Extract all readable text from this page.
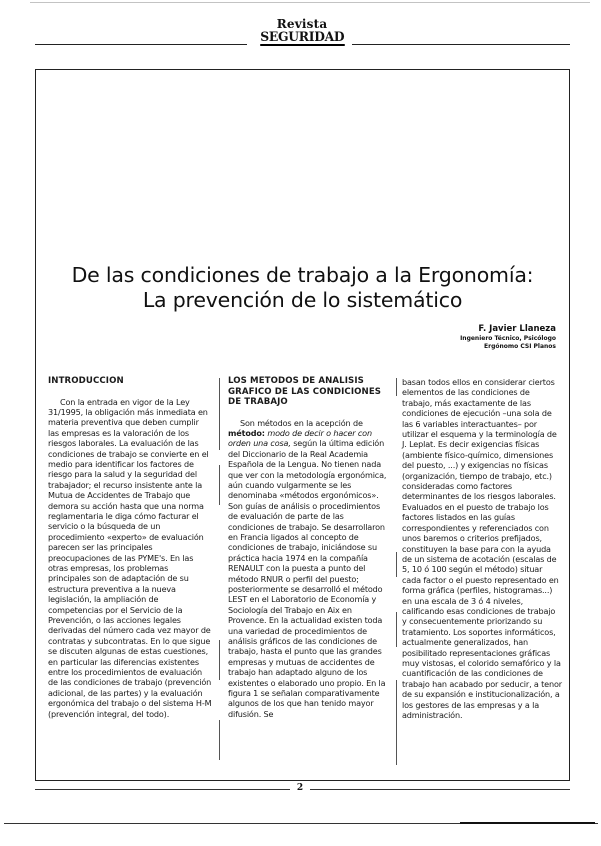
Revista
SEGURIDAD
De las condiciones de trabajo a la Ergonomía:
La prevención de lo sistemático
F. Javier Llaneza
Ingeniero Técnico, Psicólogo
Ergónomo CSI Planos
INTRODUCCION

Con la entrada en vigor de la Ley 31/1995, la obligación más inmediata en materia preventiva que deben cumplir las empresas es la valoración de los riesgos laborales. La evaluación de las condiciones de trabajo se convierte en el medio para identificar los factores de riesgo para la salud y la seguridad del trabajador; el recurso insistente ante la Mutua de Accidentes de Trabajo que demora su acción hasta que una norma reglamentaria le diga cómo facturar el servicio o la búsqueda de un procedimiento «experto» de evaluación parecen ser las principales preocupaciones de las PYME's. En las otras empresas, los problemas principales son de adaptación de su estructura preventiva a la nueva legislación, la ampliación de competencias por el Servicio de la Prevención, o las acciones legales derivadas del número cada vez mayor de contratas y subcontratas. En lo que sigue se discuten algunas de estas cuestiones, en particular las diferencias existentes entre los procedimientos de evaluación de las condiciones de trabajo (prevención adicional, de las partes) y la evaluación ergonómica del trabajo o del sistema H-M (prevención integral, del todo).

LOS METODOS DE ANALISIS GRAFICO DE LAS CONDICIONES DE TRABAJO

Son métodos en la acepción de método: modo de decir o hacer con orden una cosa, según la última edición del Diccionario de la Real Academia Española de la Lengua. No tienen nada que ver con la metodología ergonómica, aún cuando vulgarmente se les denominaba «métodos ergonómicos». Son guías de análisis o procedimientos de evaluación de parte de las condiciones de trabajo. Se desarrollaron en Francia ligados al concepto de condiciones de trabajo, iniciándose su práctica hacia 1974 en la compañía RENAULT con la puesta a punto del método RNUR o perfil del puesto; posteriormente se desarrolló el método LEST en el Laboratorio de Economía y Sociología del Trabajo en Aix en Provence. En la actualidad existen toda una variedad de procedimientos de análisis gráficos de las condiciones de trabajo, hasta el punto que las grandes empresas y mutuas de accidentes de trabajo han adaptado alguno de los existentes o elaborado uno propio. En la figura 1 se señalan comparativamente algunos de los que han tenido mayor difusión. Se

basan todos ellos en considerar ciertos elementos de las condiciones de trabajo, más exactamente de las condiciones de ejecución –una sola de las 6 variables interactuantes– por utilizar el esquema y la terminología de J. Leplat. Es decir exigencias físicas (ambiente físico-químico, dimensiones del puesto, ...) y exigencias no físicas (organización, tiempo de trabajo, etc.) consideradas como factores determinantes de los riesgos laborales. Evaluados en el puesto de trabajo los factores listados en las guías correspondientes y referenciados con unos baremos o criterios prefijados, constituyen la base para con la ayuda de un sistema de acotación (escalas de 5, 10 ó 100 según el método) situar cada factor o el puesto representado en forma gráfica (perfiles, histogramas...) en una escala de 3 ó 4 niveles, calificando esas condiciones de trabajo y consecuentemente priorizando su tratamiento. Los soportes informáticos, actualmente generalizados, han posibilitado representaciones gráficas muy vistosas, el colorido semafórico y la cuantificación de las condiciones de trabajo han acabado por seducir, a tenor de su expansión e institucionalización, a los gestores de las empresas y a la administración.

2
